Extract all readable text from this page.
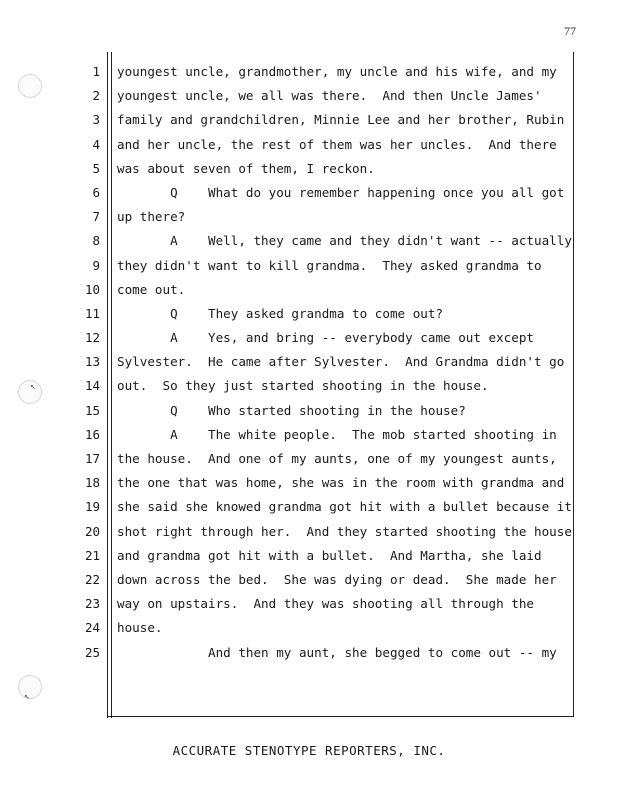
77
↖
↖
1
2
3
4
5
6
7
8
9
10
11
12
13
14
15
16
17
18
19
20
21
22
23
24
25
youngest uncle, grandmother, my uncle and his wife, and my
youngest uncle, we all was there.  And then Uncle James'
family and grandchildren, Minnie Lee and her brother, Rubin
and her uncle, the rest of them was her uncles.  And there
was about seven of them, I reckon.
Q    What do you remember happening once you all got
up there?
A    Well, they came and they didn't want -- actually
they didn't want to kill grandma.  They asked grandma to
come out.
Q    They asked grandma to come out?
A    Yes, and bring -- everybody came out except
Sylvester.  He came after Sylvester.  And Grandma didn't go
out.  So they just started shooting in the house.
Q    Who started shooting in the house?
A    The white people.  The mob started shooting in
the house.  And one of my aunts, one of my youngest aunts,
the one that was home, she was in the room with grandma and
she said she knowed grandma got hit with a bullet because it
shot right through her.  And they started shooting the house
and grandma got hit with a bullet.  And Martha, she laid
down across the bed.  She was dying or dead.  She made her
way on upstairs.  And they was shooting all through the
house.
And then my aunt, she begged to come out -- my
ACCURATE STENOTYPE REPORTERS, INC.
